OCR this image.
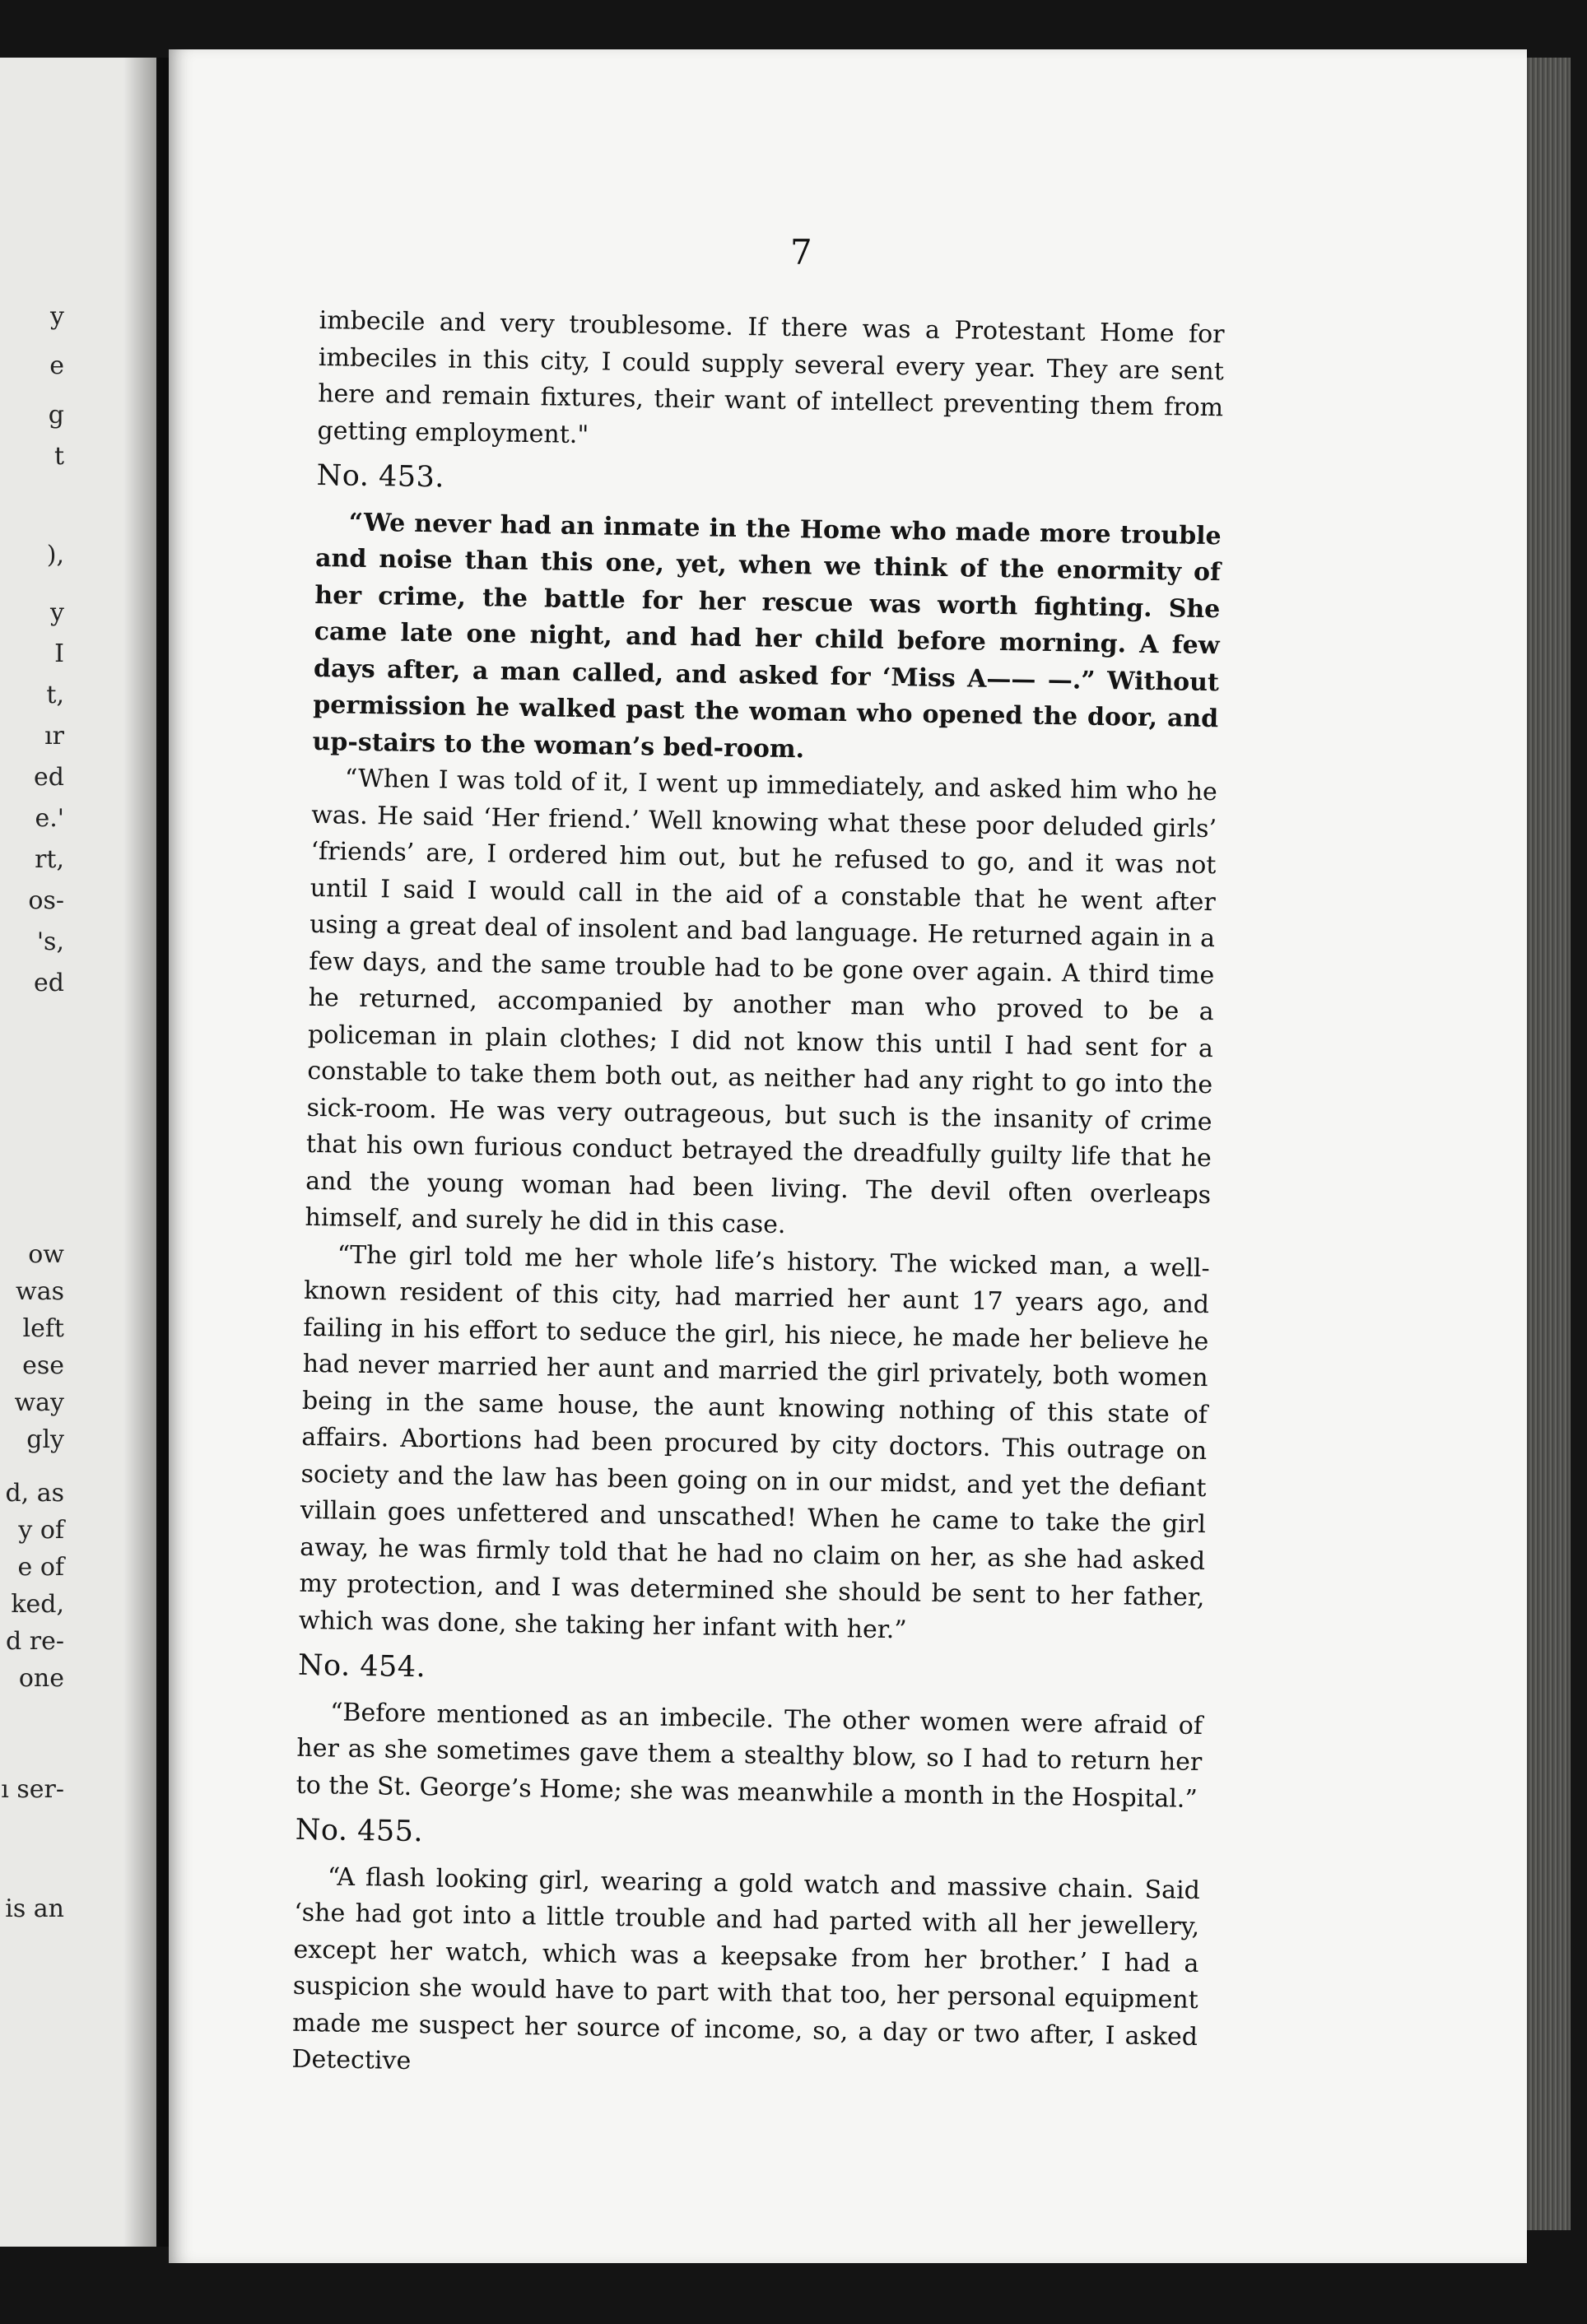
y
e
g
t
),
y
I
t,
ır
ed
e.'
rt,
os-
's,
ed
ow
was
left
ese
way
gly
d, as
y of
e of
ked,
d re-
one
ı ser-
is an
7

imbecile and very troublesome. If there was a Protestant Home for imbeciles in this city, I could supply several every year. They are sent here and remain fixtures, their want of intellect preventing them from getting employment."

No. 453.

“We never had an inmate in the Home who made more trouble and noise than this one, yet, when we think of the enormity of her crime, the battle for her rescue was worth fighting. She came late one night, and had her child before morning. A few days after, a man called, and asked for ‘Miss A—— —.” Without permission he walked past the woman who opened the door, and up-stairs to the woman’s bed-room.

“When I was told of it, I went up immediately, and asked him who he was. He said ‘Her friend.’ Well knowing what these poor deluded girls’ ‘friends’ are, I ordered him out, but he refused to go, and it was not until I said I would call in the aid of a constable that he went after using a great deal of insolent and bad language. He returned again in a few days, and the same trouble had to be gone over again. A third time he returned, accompanied by another man who proved to be a policeman in plain clothes; I did not know this until I had sent for a constable to take them both out, as neither had any right to go into the sick-room. He was very outrageous, but such is the insanity of crime that his own furious conduct betrayed the dreadfully guilty life that he and the young woman had been living. The devil often overleaps himself, and surely he did in this case.

“The girl told me her whole life’s history. The wicked man, a well-known resident of this city, had married her aunt 17 years ago, and failing in his effort to seduce the girl, his niece, he made her believe he had never married her aunt and married the girl privately, both women being in the same house, the aunt knowing nothing of this state of affairs. Abortions had been procured by city doctors. This outrage on society and the law has been going on in our midst, and yet the defiant villain goes unfettered and unscathed! When he came to take the girl away, he was firmly told that he had no claim on her, as she had asked my protection, and I was determined she should be sent to her father, which was done, she taking her infant with her.”

No. 454.

“Before mentioned as an imbecile. The other women were afraid of her as she sometimes gave them a stealthy blow, so I had to return her to the St. George’s Home; she was meanwhile a month in the Hospital.”

No. 455.

“A flash looking girl, wearing a gold watch and massive chain. Said ‘she had got into a little trouble and had parted with all her jewellery, except her watch, which was a keepsake from her brother.’ I had a suspicion she would have to part with that too, her personal equipment made me suspect her source of income, so, a day or two after, I asked Detective
